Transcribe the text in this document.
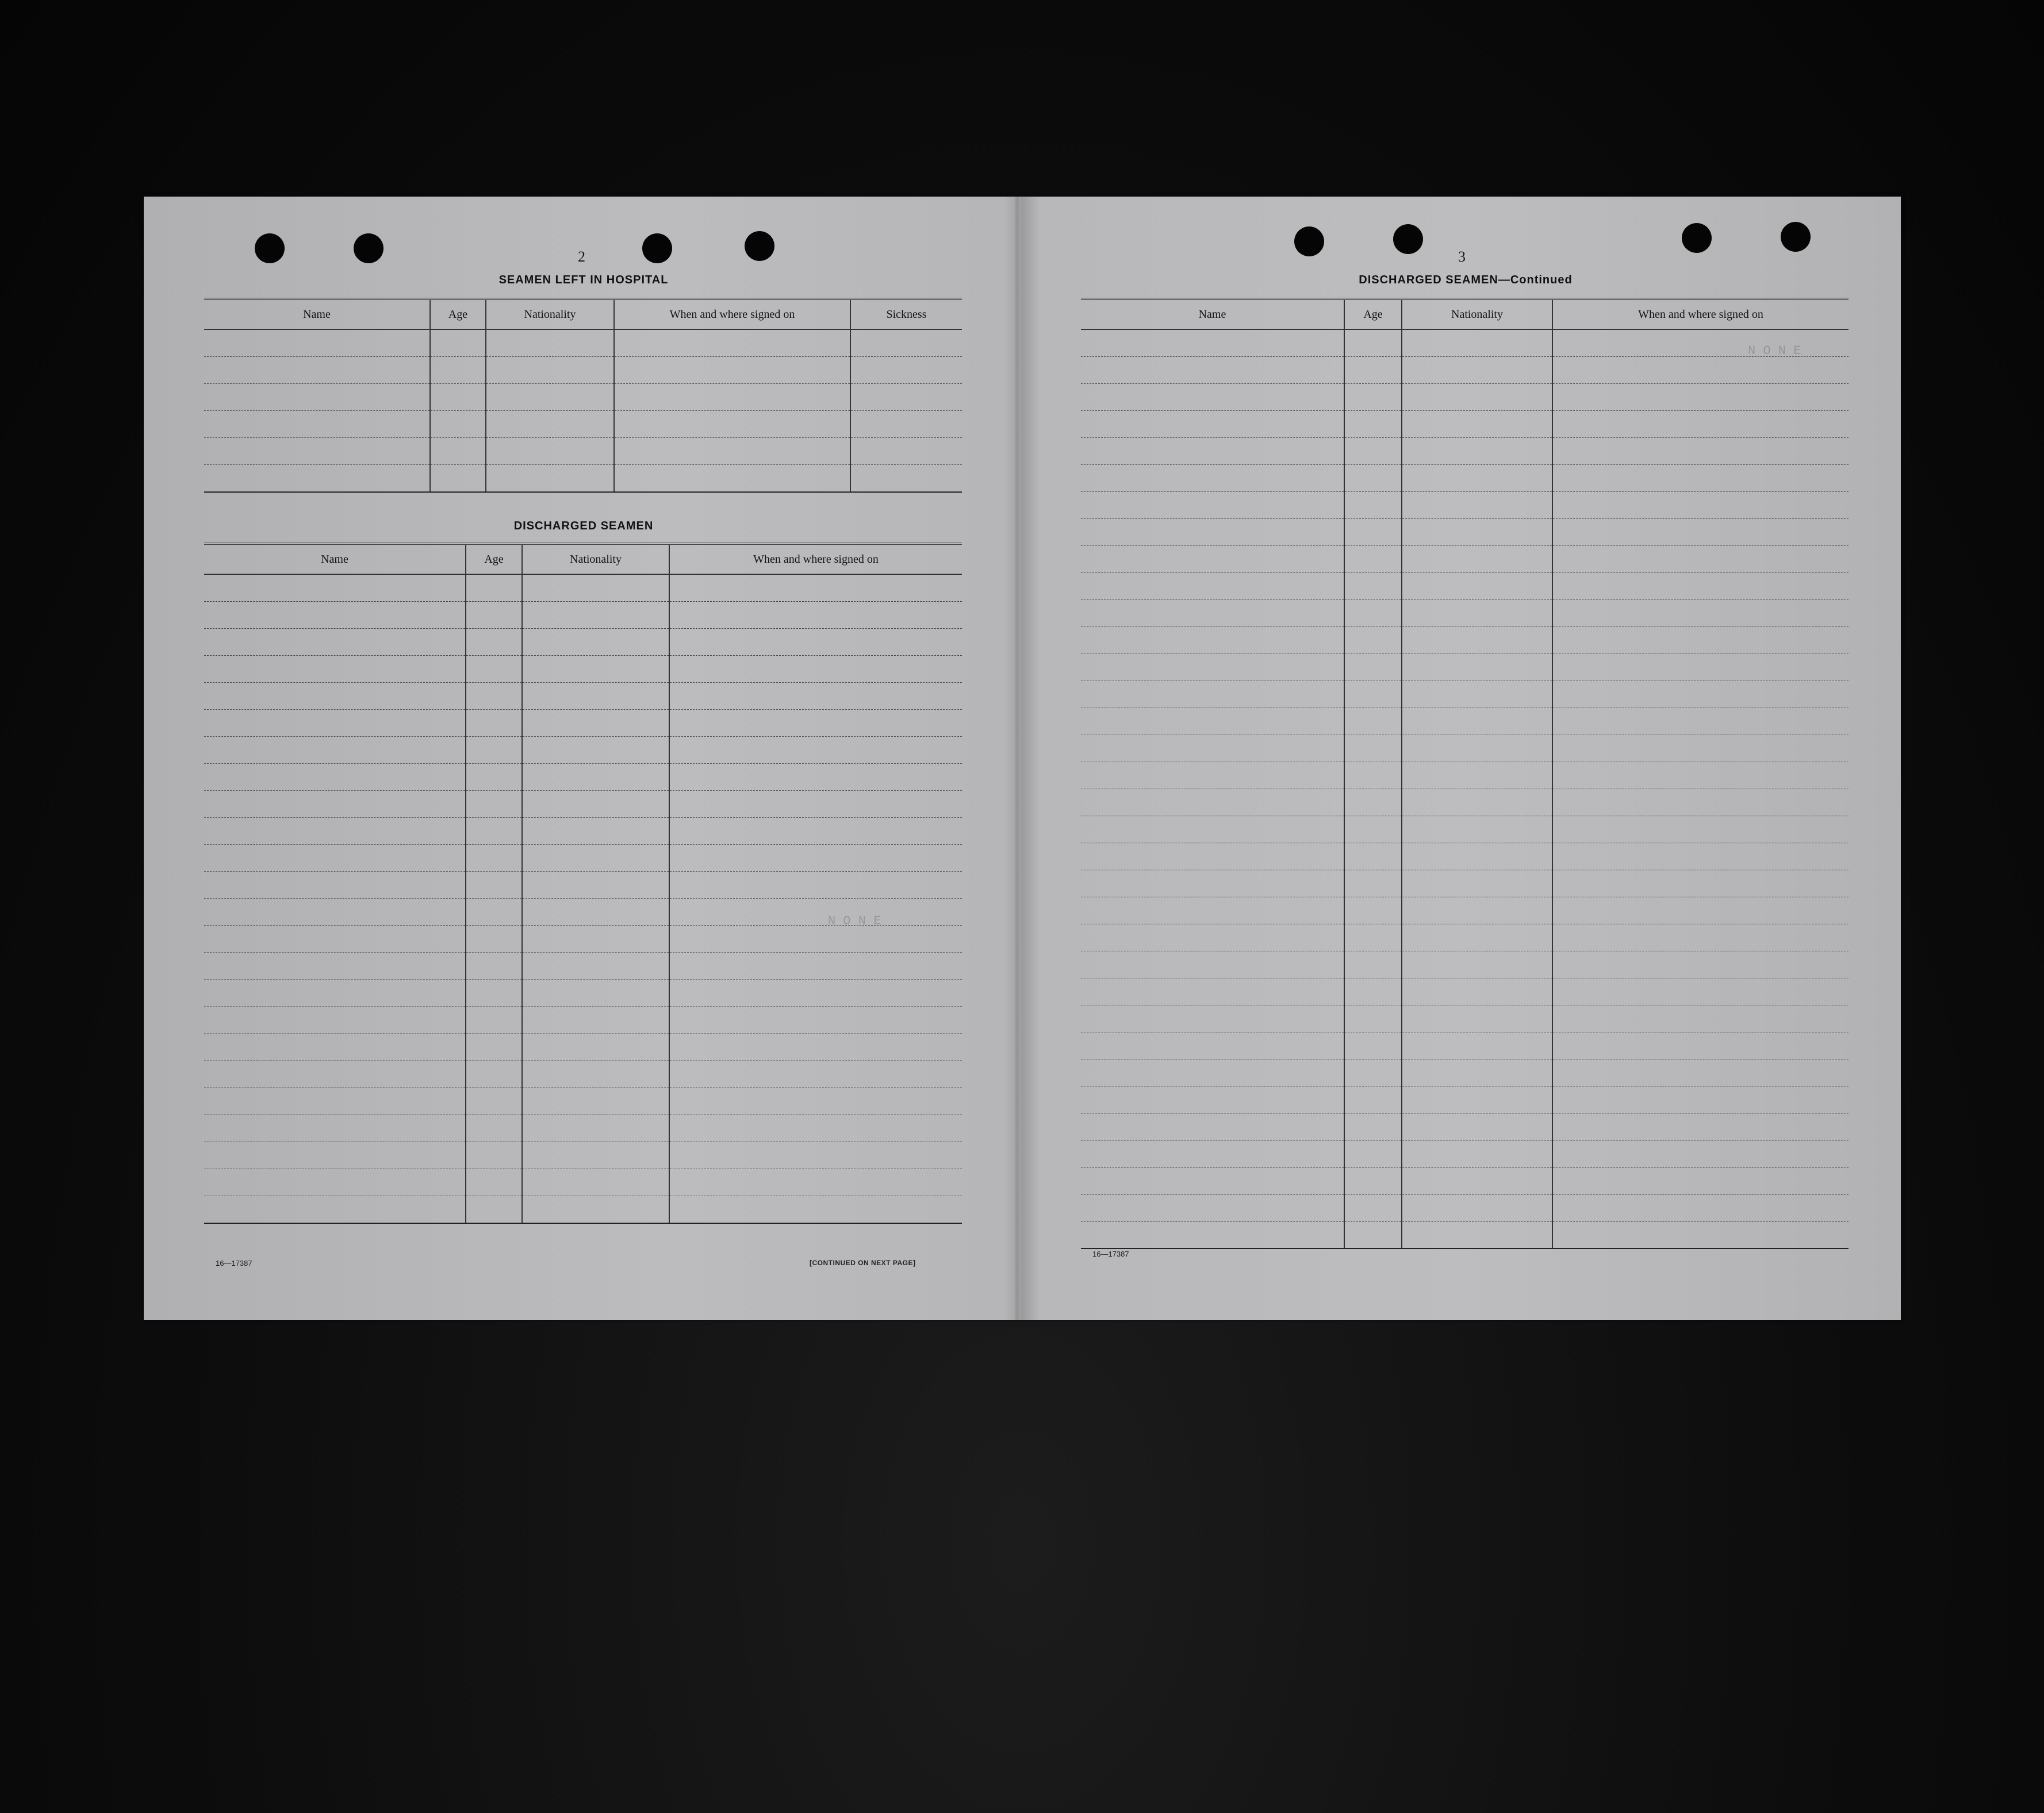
N O N E
N O N E
2
SEAMEN LEFT IN HOSPITAL
Name	Age	Nationality	When and where signed on	Sickness

DISCHARGED SEAMEN
Name	Age	Nationality	When and where signed on

16—17387	[CONTINUED ON NEXT PAGE]
3
DISCHARGED SEAMEN—Continued
Name	Age	Nationality	When and where signed on

16—17387
